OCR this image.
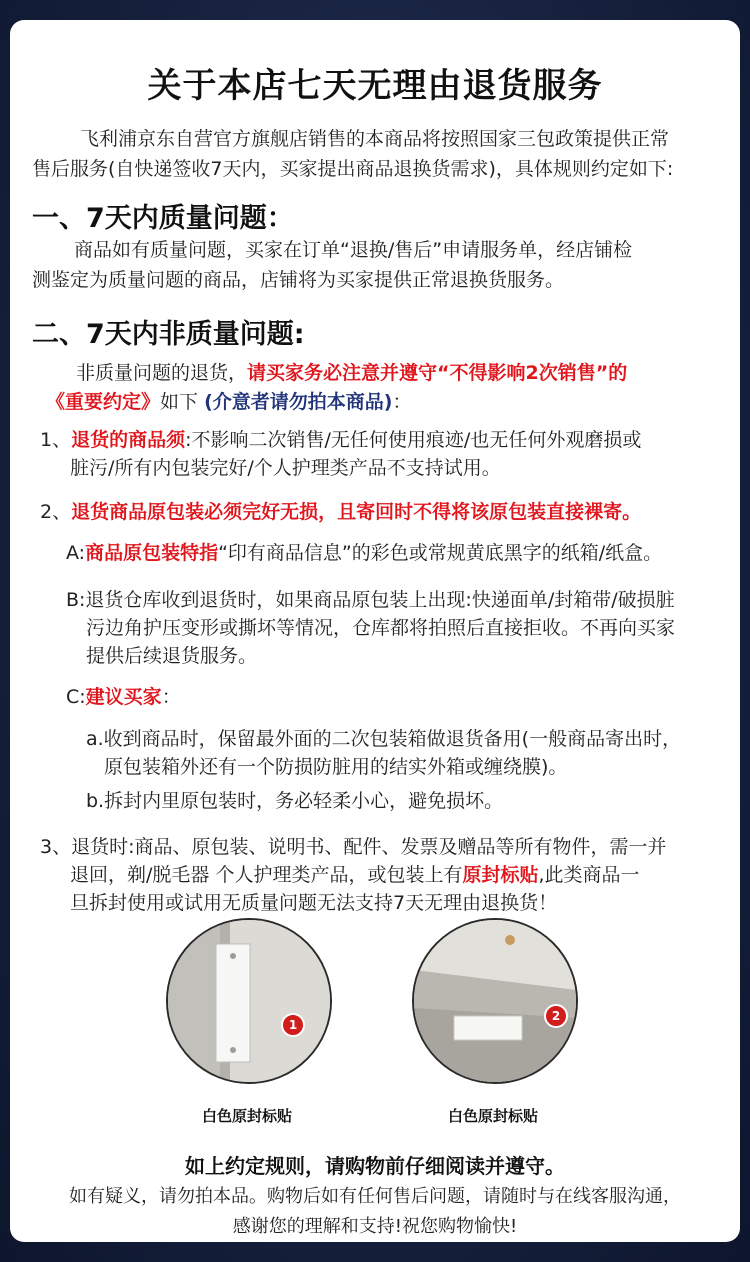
关于本店七天无理由退货服务
飞利浦京东自营官方旗舰店销售的本商品将按照国家三包政策提供正常
售后服务(自快递签收7天内，买家提出商品退换货需求)，具体规则约定如下:
一、7天内质量问题：
商品如有质量问题，买家在订单“退换/售后”申请服务单，经店铺检
测鉴定为质量问题的商品，店铺将为买家提供正常退换货服务。
二、7天内非质量问题:
非质量问题的退货，请买家务必注意并遵守“不得影响2次销售”的
《重要约定》如下 (介意者请勿拍本商品)：
1、退货的商品须:不影响二次销售/无任何使用痕迹/也无任何外观磨损或
脏污/所有内包装完好/个人护理类产品不支持试用。
2、退货商品原包装必须完好无损，且寄回时不得将该原包装直接裸寄。
A:商品原包装特指“印有商品信息”的彩色或常规黄底黑字的纸箱/纸盒。
B:退货仓库收到退货时，如果商品原包装上出现:快递面单/封箱带/破损脏
污边角护压变形或撕坏等情况，仓库都将拍照后直接拒收。不再向买家
提供后续退货服务。
C:建议买家：
a.收到商品时，保留最外面的二次包装箱做退货备用(一般商品寄出时，
原包装箱外还有一个防损防脏用的结实外箱或缠绕膜)。
b.拆封内里原包装时，务必轻柔小心，避免损坏。
3、退货时:商品、原包装、说明书、配件、发票及赠品等所有物件，需一并
退回，剃/脱毛器 个人护理类产品，或包装上有原封标贴,此类商品一
旦拆封使用或试用无质量问题无法支持7天无理由退换货！
1
白色原封标贴
2
白色原封标贴
如上约定规则，请购物前仔细阅读并遵守。
如有疑义，请勿拍本品。购物后如有任何售后问题，请随时与在线客服沟通，
感谢您的理解和支持!祝您购物愉快!
